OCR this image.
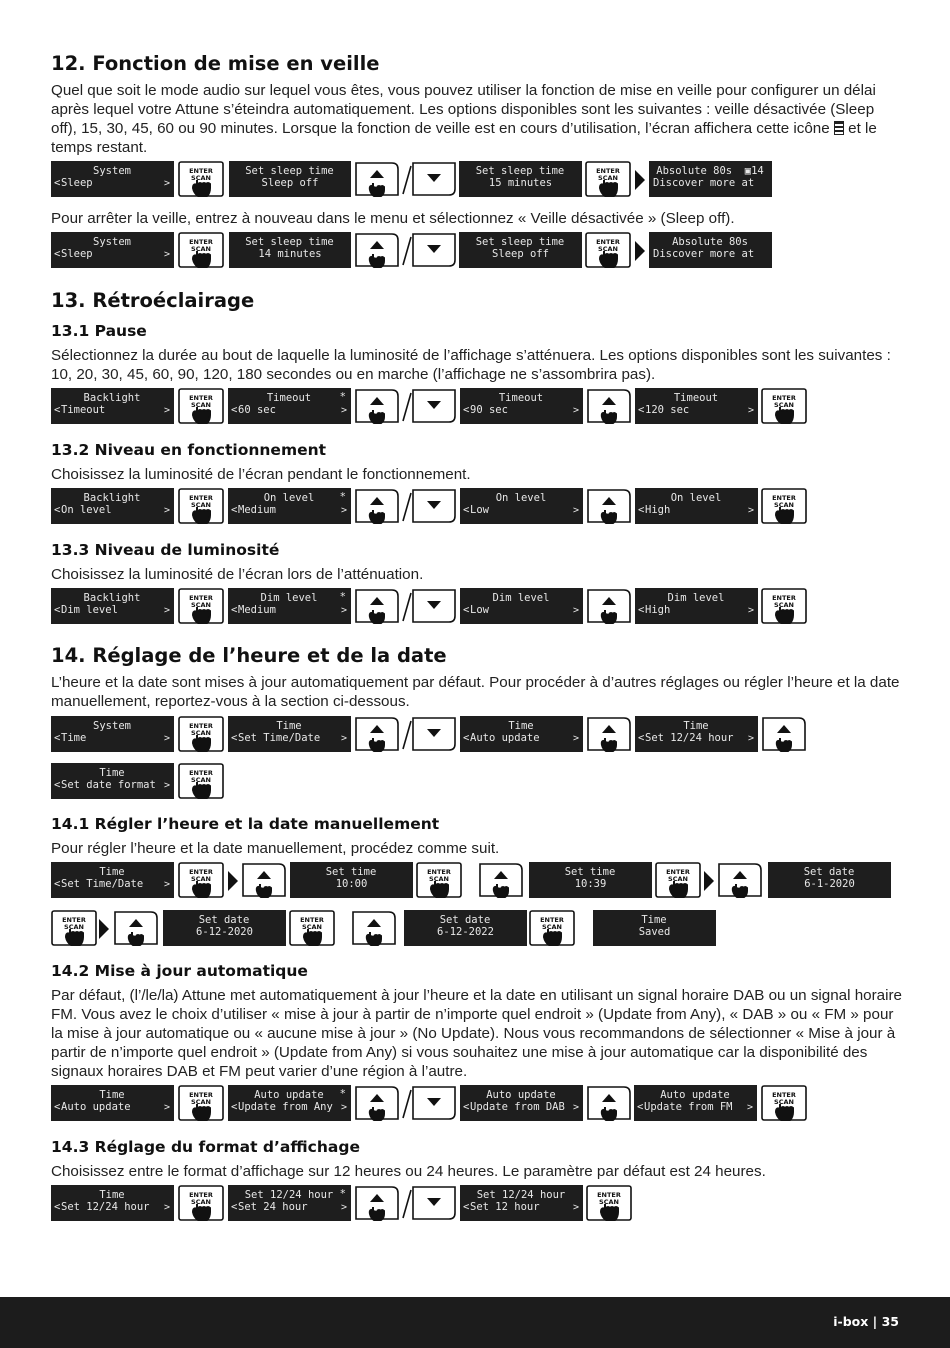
12. Fonction de mise en veille

Quel que soit le mode audio sur lequel vous êtes, vous pouvez utiliser la fonction de mise en veille pour configurer un délai après lequel votre Attune s’éteindra automatiquement. Les options disponibles sont les suivantes : veille désactivée (Sleep off), 15, 30, 45, 60 ou 90 minutes. Lorsque la fonction de veille est en cours d’utilisation, l’écran affichera cette icône et le temps restant.

System
<	>
Sleep
ENTER
SCAN
Set sleep time
Sleep off
Set sleep time
15 minutes
ENTER
SCAN
Absolute 80s  ▣14
Discover more at

Pour arrêter la veille, entrez à nouveau dans le menu et sélectionnez « Veille désactivée » (Sleep off).

System
<	>
Sleep
ENTER
SCAN
Set sleep time
14 minutes
Set sleep time
Sleep off
ENTER
SCAN
Absolute 80s
Discover more at
13. Rétroéclairage
13.1 Pause

Sélectionnez la durée au bout de laquelle la luminosité de l’affichage s’atténuera. Les options disponibles sont les suivantes : 10, 20, 30, 45, 60, 90, 120, 180 secondes ou en marche (l’affichage ne s’assombrira pas).

Backlight
<	>
Timeout
ENTER
SCAN
Timeout
<	>
*
60 sec
Timeout
<	>
90 sec
Timeout
<	>
120 sec
ENTER
SCAN
13.2 Niveau en fonctionnement

Choisissez la luminosité de l’écran pendant le fonctionnement.

Backlight
<	>
On level
ENTER
SCAN
On level
<	>
*
Medium
On level
<	>
Low
On level
<	>
High
ENTER
SCAN
13.3 Niveau de luminosité

Choisissez la luminosité de l’écran lors de l’atténuation.

Backlight
<	>
Dim level
ENTER
SCAN
Dim level
<	>
*
Medium
Dim level
<	>
Low
Dim level
<	>
High
ENTER
SCAN
14. Réglage de l’heure et de la date

L’heure et la date sont mises à jour automatiquement par défaut. Pour procéder à d’autres réglages ou régler l’heure et la date manuellement, reportez-vous à la section ci-dessous.

System
<	>
Time
ENTER
SCAN
Time
<	>
Set Time/Date
Time
<	>
Auto update
Time
<	>
Set 12/24 hour
Time
<	>
Set date format
ENTER
SCAN
14.1 Régler l’heure et la date manuellement

Pour régler l’heure et la date manuellement, procédez comme suit.

Time
<	>
Set Time/Date
ENTER
SCAN
Set time
10:00
ENTER
SCAN
Set time
10:39
ENTER
SCAN
Set date
6-1-2020
ENTER
SCAN
Set date
6-12-2020
ENTER
SCAN
Set date
6-12-2022
ENTER
SCAN
Time
Saved
14.2 Mise à jour automatique

Par défaut, (l’/le/la) Attune met automatiquement à jour l’heure et la date en utilisant un signal horaire DAB ou un signal horaire FM. Vous avez le choix d’utiliser « mise à jour à partir de n’importe quel endroit » (Update from Any), « DAB » ou « FM » pour la mise à jour automatique ou « aucune mise à jour » (No Update). Nous vous recommandons de sélectionner « Mise à jour à partir de n’importe quel endroit » (Update from Any) si vous souhaitez une mise à jour automatique car la disponibilité des signaux horaires DAB et FM peut varier d’une région à l’autre.

Time
<	>
Auto update
ENTER
SCAN
Auto update
<	>
*
Update from Any
Auto update
<	>
Update from DAB
Auto update
<	>
Update from FM
ENTER
SCAN
14.3 Réglage du format d’affichage

Choisissez entre le format d’affichage sur 12 heures ou 24 heures. Le paramètre par défaut est 24 heures.

Time
<	>
Set 12/24 hour
ENTER
SCAN
Set 12/24 hour
<	>
*
Set 24 hour
Set 12/24 hour
<	>
Set 12 hour
ENTER
SCAN
i-box | 35
